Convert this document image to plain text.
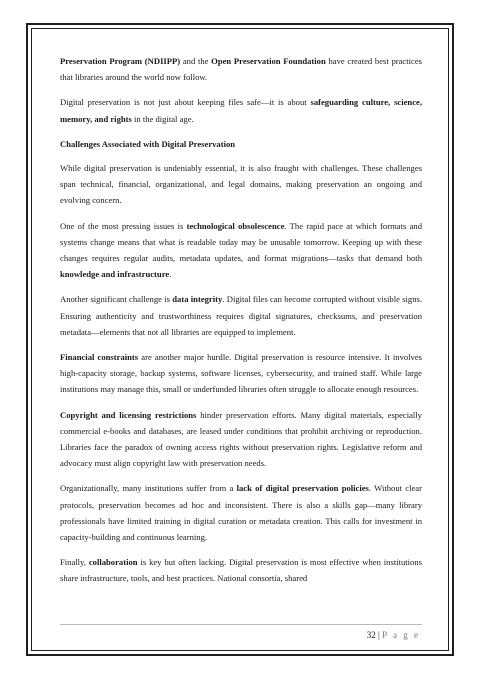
Preservation Program (NDIIPP) and the Open Preservation Foundation have created best practices that libraries around the world now follow.

Digital preservation is not just about keeping files safe—it is about safeguarding culture, science, memory, and rights in the digital age.

Challenges Associated with Digital Preservation

While digital preservation is undeniably essential, it is also fraught with challenges. These challenges span technical, financial, organizational, and legal domains, making preservation an ongoing and evolving concern.

One of the most pressing issues is technological obsolescence. The rapid pace at which formats and systems change means that what is readable today may be unusable tomorrow. Keeping up with these changes requires regular audits, metadata updates, and format migrations—tasks that demand both knowledge and infrastructure.

Another significant challenge is data integrity. Digital files can become corrupted without visible signs. Ensuring authenticity and trustworthiness requires digital signatures, checksums, and preservation metadata—elements that not all libraries are equipped to implement.

Financial constraints are another major hurdle. Digital preservation is resource intensive. It involves high-capacity storage, backup systems, software licenses, cybersecurity, and trained staff. While large institutions may manage this, small or underfunded libraries often struggle to allocate enough resources.

Copyright and licensing restrictions hinder preservation efforts. Many digital materials, especially commercial e-books and databases, are leased under conditions that prohibit archiving or reproduction. Libraries face the paradox of owning access rights without preservation rights. Legislative reform and advocacy must align copyright law with preservation needs.

Organizationally, many institutions suffer from a lack of digital preservation policies. Without clear protocols, preservation becomes ad hoc and inconsistent. There is also a skills gap—many library professionals have limited training in digital curation or metadata creation. This calls for investment in capacity-building and continuous learning.

Finally, collaboration is key but often lacking. Digital preservation is most effective when institutions share infrastructure, tools, and best practices. National consortia, shared

32 | P a g e
